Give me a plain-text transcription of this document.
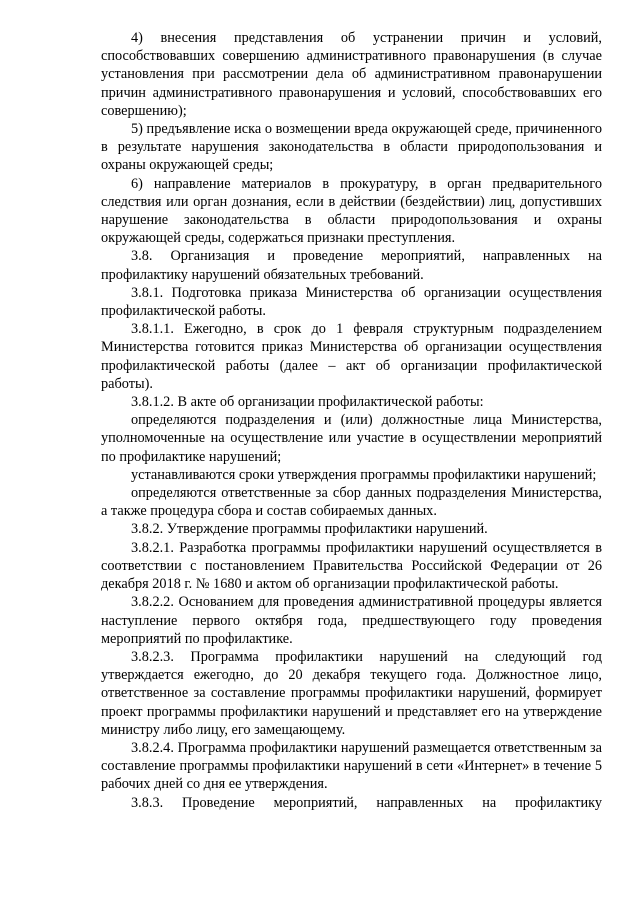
4) внесения представления об устранении причин и условий, способствовавших совершению административного правонарушения (в случае установления при рассмотрении дела об административном правонарушении причин административного правонарушения и условий, способствовавших его совершению);

5) предъявление иска о возмещении вреда окружающей среде, причиненного в результате нарушения законодательства в области природопользования и охраны окружающей среды;

6) направление материалов в прокуратуру, в орган предварительного следствия или орган дознания, если в действии (бездействии) лиц, допустивших нарушение законодательства в области природопользования и охраны окружающей среды, содержаться признаки преступления.

3.8. Организация и проведение мероприятий, направленных на профилактику нарушений обязательных требований.

3.8.1. Подготовка приказа Министерства об организации осуществления профилактической работы.

3.8.1.1. Ежегодно, в срок до 1 февраля структурным подразделением Министерства готовится приказ Министерства об организации осуществления профилактической работы (далее – акт об организации профилактической работы).

3.8.1.2. В акте об организации профилактической работы:

определяются подразделения и (или) должностные лица Министерства, уполномоченные на осуществление или участие в осуществлении мероприятий по профилактике нарушений;

устанавливаются сроки утверждения программы профилактики нарушений;

определяются ответственные за сбор данных подразделения Министерства, а также процедура сбора и состав собираемых данных.

3.8.2. Утверждение программы профилактики нарушений.

3.8.2.1. Разработка программы профилактики нарушений осуществляется в соответствии с постановлением Правительства Российской Федерации от 26 декабря 2018 г. № 1680 и актом об организации профилактической работы.

3.8.2.2. Основанием для проведения административной процедуры является наступление первого октября года, предшествующего году проведения мероприятий по профилактике.

3.8.2.3. Программа профилактики нарушений на следующий год утверждается ежегодно, до 20 декабря текущего года. Должностное лицо, ответственное за составление программы профилактики нарушений, формирует проект программы профилактики нарушений и представляет его на утверждение министру либо лицу, его замещающему.

3.8.2.4. Программа профилактики нарушений размещается ответственным за составление программы профилактики нарушений в сети «Интернет» в течение 5 рабочих дней со дня ее утверждения.

3.8.3. Проведение мероприятий, направленных на профилактику
